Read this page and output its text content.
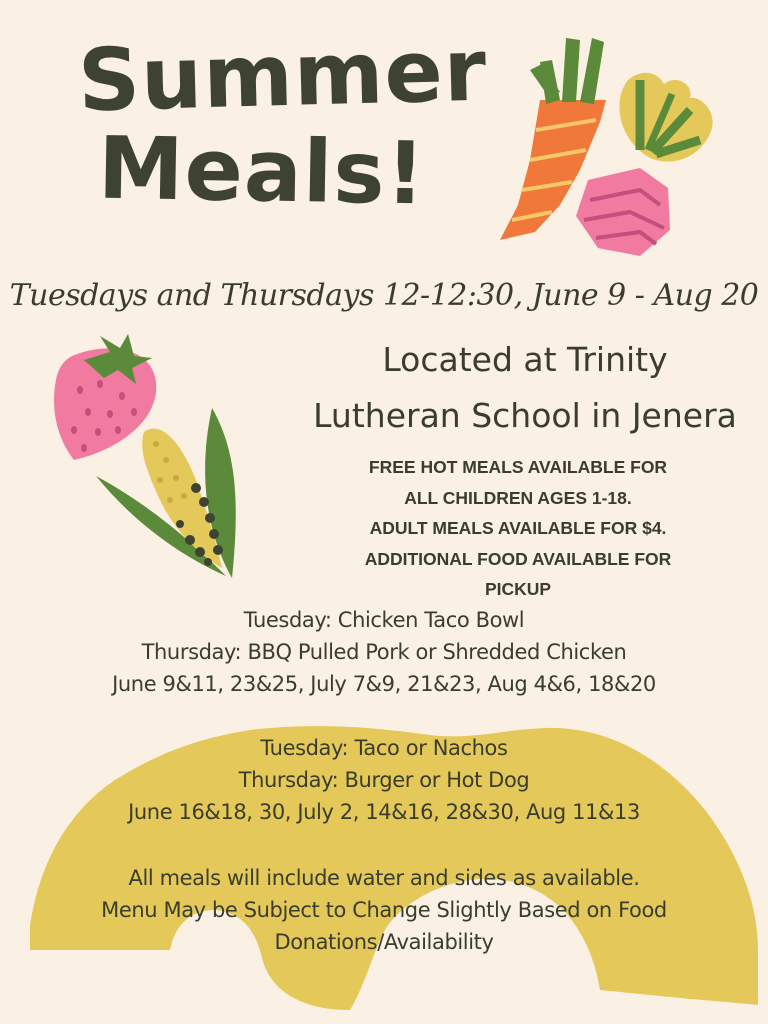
Summer
Meals!
Tuesdays and Thursdays 12-12:30, June 9 - Aug 20
Located at Trinity
Lutheran School in Jenera
FREE HOT MEALS AVAILABLE FOR
ALL CHILDREN AGES 1-18.
ADULT MEALS AVAILABLE FOR $4.
ADDITIONAL FOOD AVAILABLE FOR
PICKUP
Tuesday: Chicken Taco Bowl
Thursday: BBQ Pulled Pork or Shredded Chicken
June 9&11, 23&25, July 7&9, 21&23, Aug 4&6, 18&20
Tuesday: Taco or Nachos
Thursday: Burger or Hot Dog
June 16&18, 30, July 2, 14&16, 28&30, Aug 11&13
All meals will include water and sides as available.
Menu May be Subject to Change Slightly Based on Food
Donations/Availability
